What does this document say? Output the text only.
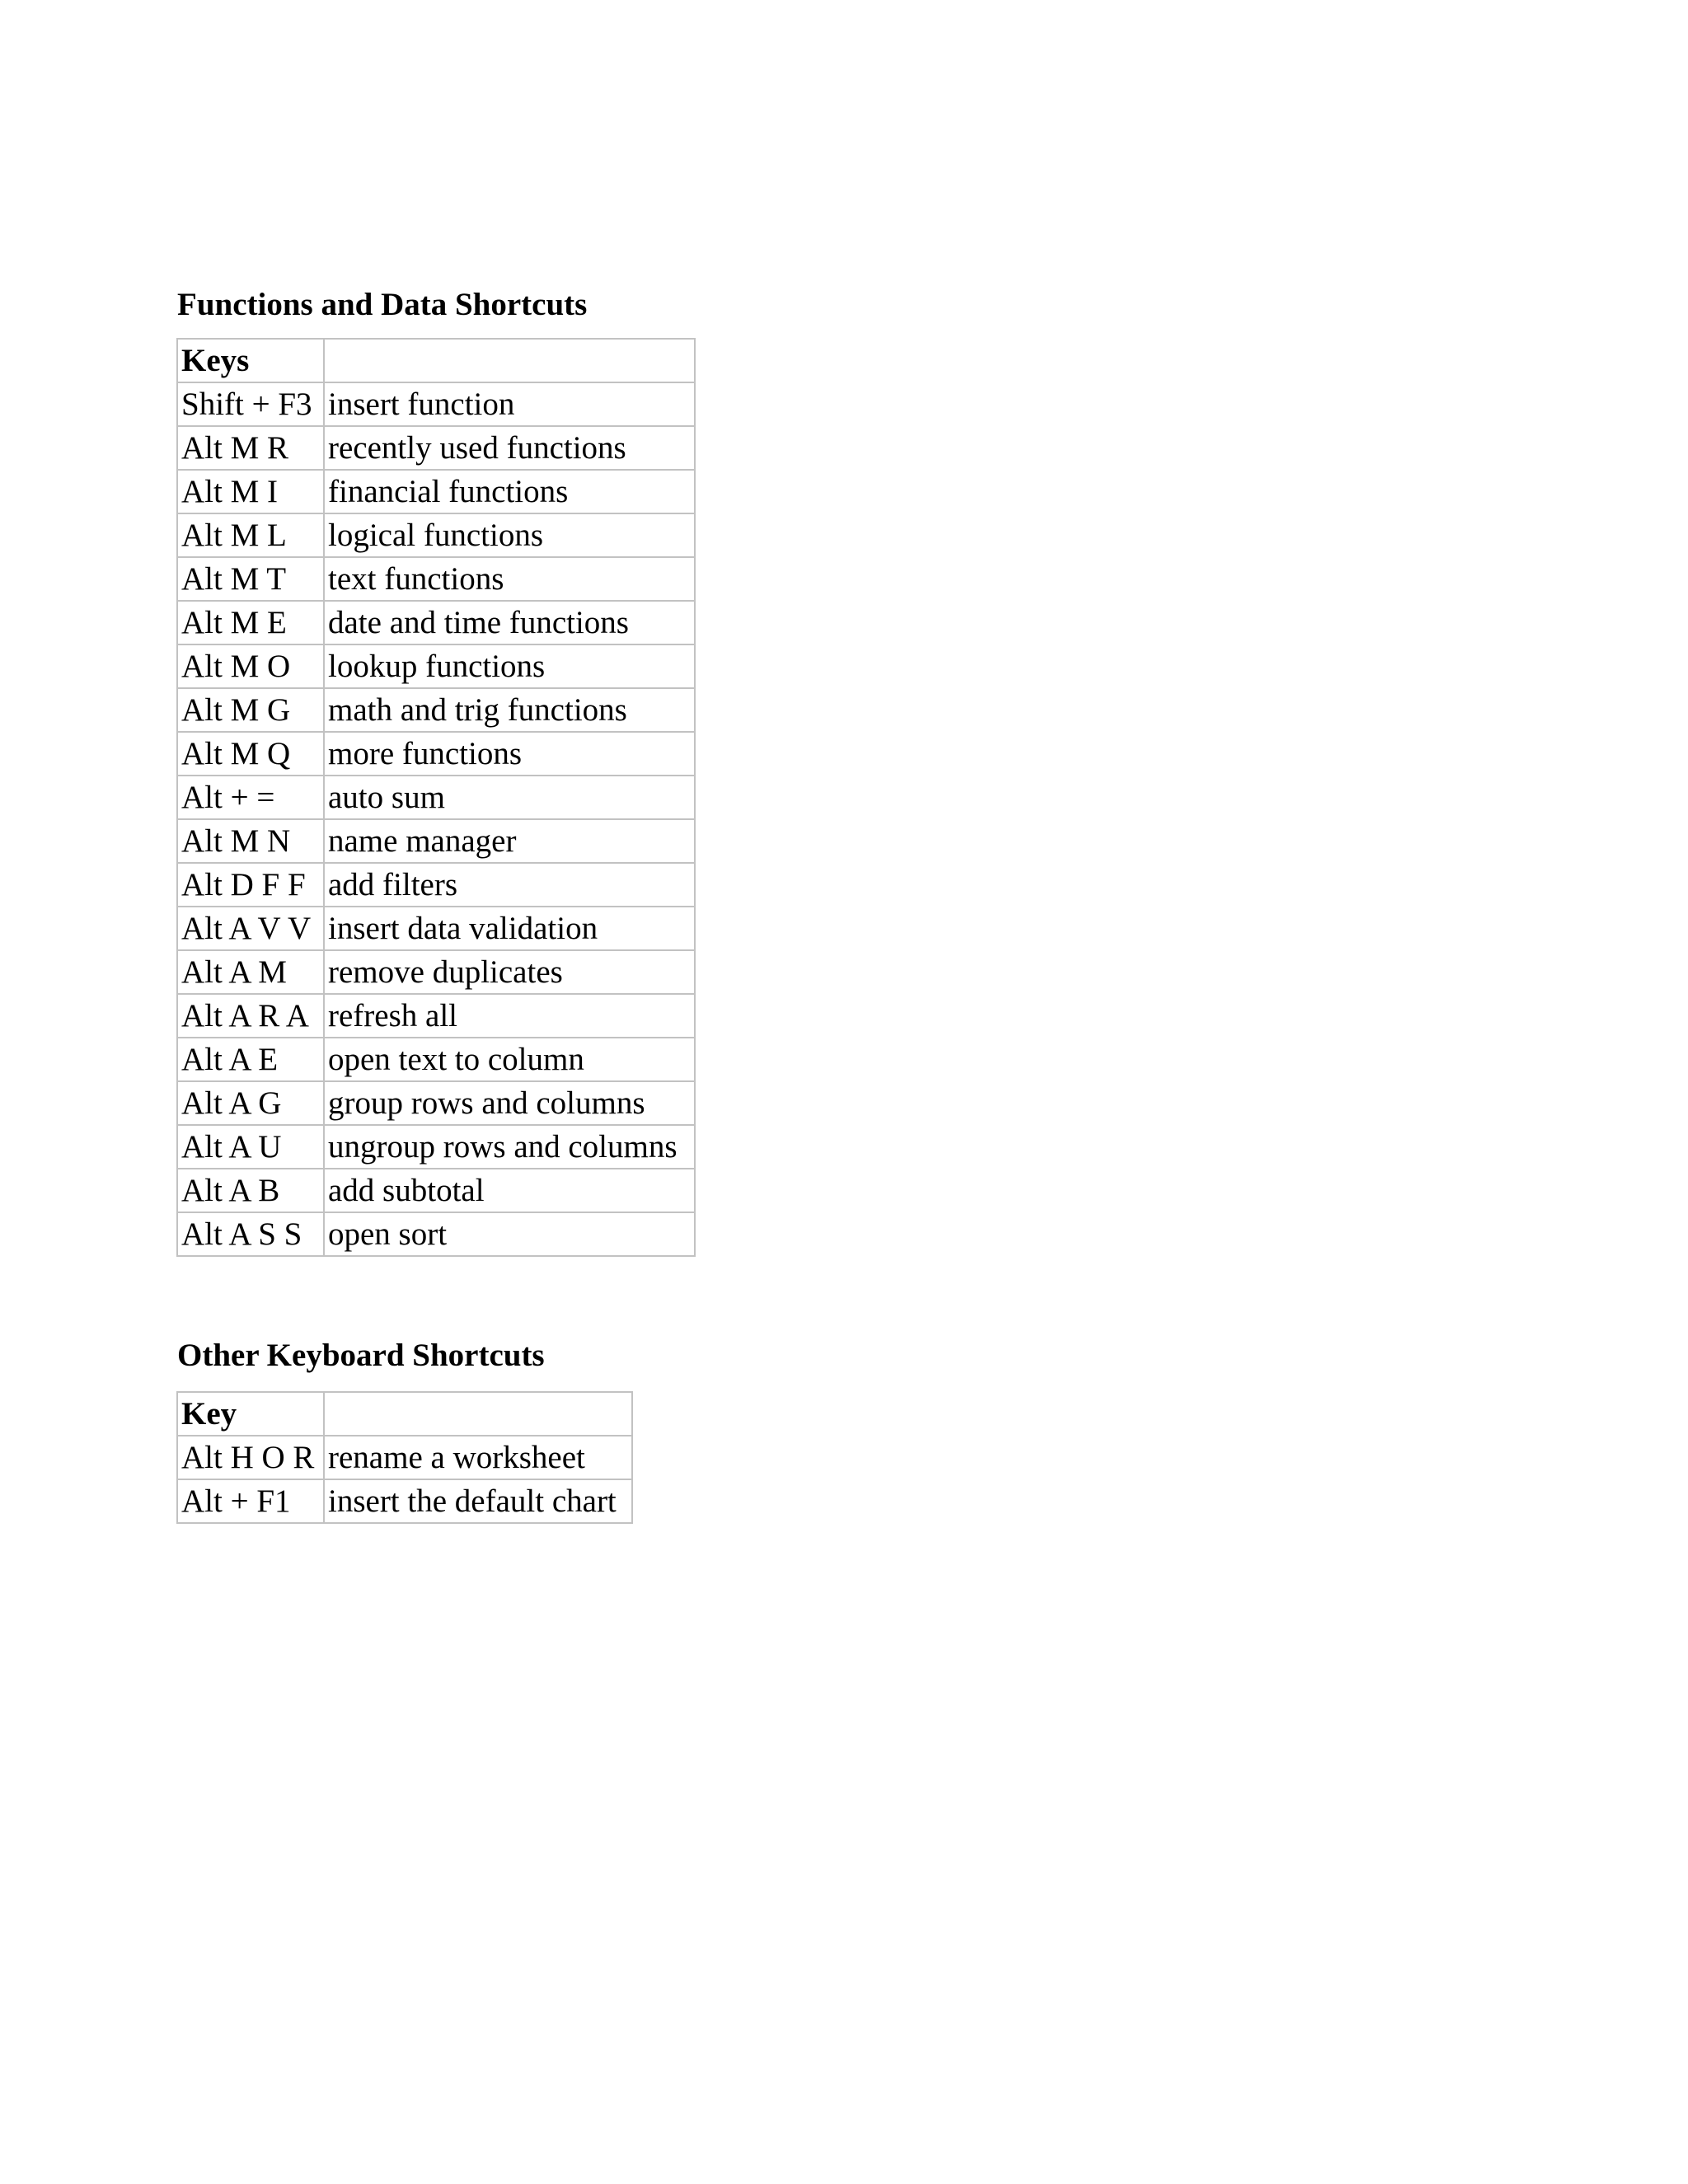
Functions and Data Shortcuts
Keys	
Shift + F3	insert function
Alt M R	recently used functions
Alt M I	financial functions
Alt M L	logical functions
Alt M T	text functions
Alt M E	date and time functions
Alt M O	lookup functions
Alt M G	math and trig functions
Alt M Q	more functions
Alt + =	auto sum
Alt M N	name manager
Alt D F F	add filters
Alt A V V	insert data validation
Alt A M	remove duplicates
Alt A R A	refresh all
Alt A E	open text to column
Alt A G	group rows and columns
Alt A U	ungroup rows and columns
Alt A B	add subtotal
Alt A S S	open sort
Other Keyboard Shortcuts
Key	
Alt H O R	rename a worksheet
Alt + F1	insert the default chart
